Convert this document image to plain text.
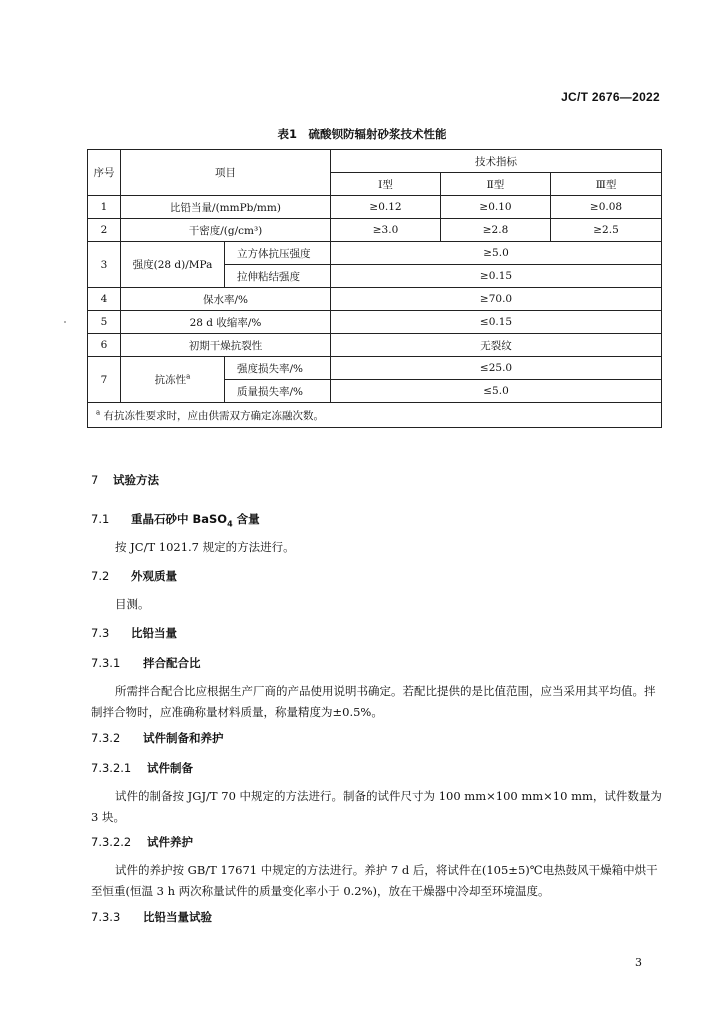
JC/T 2676—2022
表1　硫酸钡防辐射砂浆技术性能
序号	项目		技术指标		
			Ⅰ型	Ⅱ型	Ⅲ型
1	比铅当量/(mmPb/mm)		≥0.12	≥0.10	≥0.08
2	干密度/(g/cm³)		≥3.0	≥2.8	≥2.5
3	强度(28 d)/MPa	立方体抗压强度	≥5.0		
		拉伸粘结强度	≥0.15		
4	保水率/%		≥70.0		
5	28 d 收缩率/%		≤0.15		
6	初期干燥抗裂性		无裂纹		
7	抗冻性$^a$	强度损失率/%	≤25.0		
		质量损失率/%	≤5.0		
$^a$ 有抗冻性要求时，应由供需双方确定冻融次数。					
7 试验方法
7.1 重晶石砂中 BaSO$_4$ 含量
按 JC/T 1021.7 规定的方法进行。
7.2 外观质量
目测。
7.3 比铅当量
7.3.1 拌合配合比
所需拌合配合比应根据生产厂商的产品使用说明书确定。若配比提供的是比值范围，应当采用其平均值。拌制拌合物时，应准确称量材料质量，称量精度为±0.5%。
7.3.2 试件制备和养护
7.3.2.1 试件制备
试件的制备按 JGJ/T 70 中规定的方法进行。制备的试件尺寸为 100 mm×100 mm×10 mm，试件数量为 3 块。
7.3.2.2 试件养护
试件的养护按 GB/T 17671 中规定的方法进行。养护 7 d 后，将试件在(105±5)℃电热鼓风干燥箱中烘干至恒重(恒温 3 h 两次称量试件的质量变化率小于 0.2%)，放在干燥器中冷却至环境温度。
7.3.3 比铅当量试验
3
